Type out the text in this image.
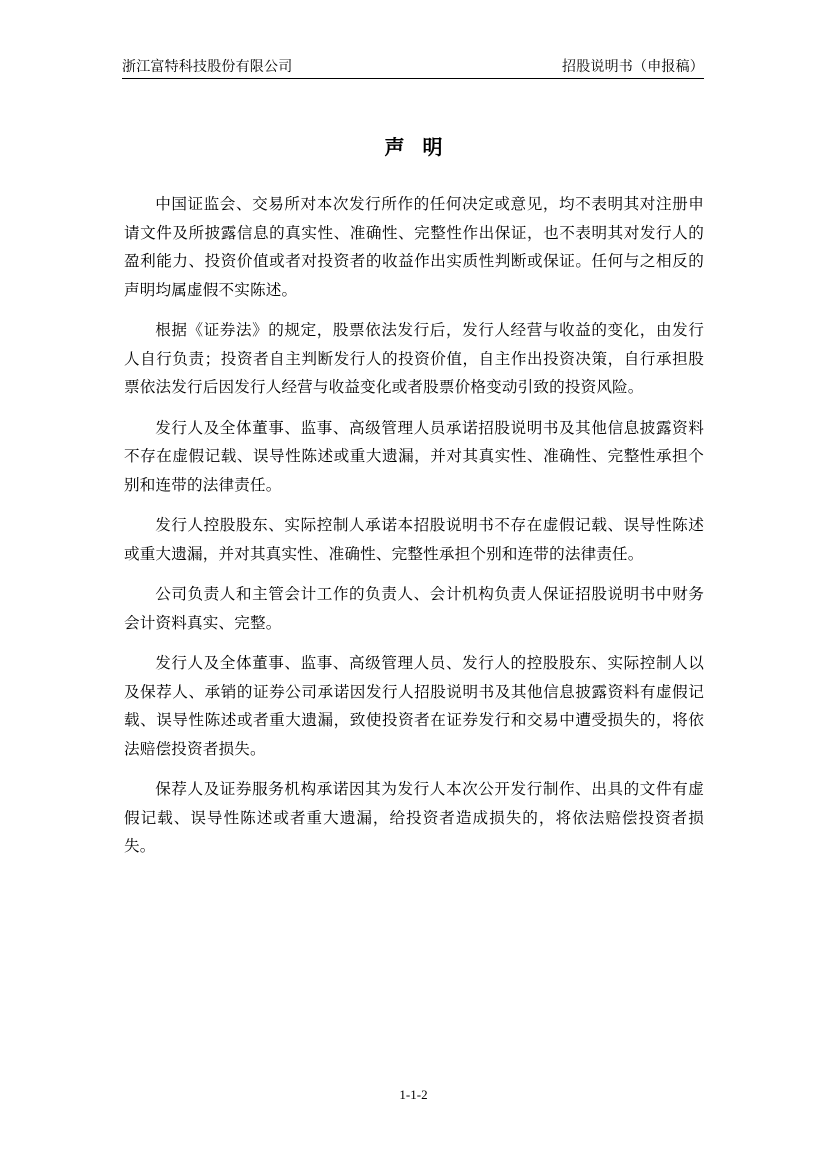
浙江富特科技股份有限公司	招股说明书（申报稿）
声明

中国证监会、交易所对本次发行所作的任何决定或意见，均不表明其对注册申请文件及所披露信息的真实性、准确性、完整性作出保证，也不表明其对发行人的盈利能力、投资价值或者对投资者的收益作出实质性判断或保证。任何与之相反的声明均属虚假不实陈述。

根据《证券法》的规定，股票依法发行后，发行人经营与收益的变化，由发行人自行负责；投资者自主判断发行人的投资价值，自主作出投资决策，自行承担股票依法发行后因发行人经营与收益变化或者股票价格变动引致的投资风险。

发行人及全体董事、监事、高级管理人员承诺招股说明书及其他信息披露资料不存在虚假记载、误导性陈述或重大遗漏，并对其真实性、准确性、完整性承担个别和连带的法律责任。

发行人控股股东、实际控制人承诺本招股说明书不存在虚假记载、误导性陈述或重大遗漏，并对其真实性、准确性、完整性承担个别和连带的法律责任。

公司负责人和主管会计工作的负责人、会计机构负责人保证招股说明书中财务会计资料真实、完整。

发行人及全体董事、监事、高级管理人员、发行人的控股股东、实际控制人以及保荐人、承销的证券公司承诺因发行人招股说明书及其他信息披露资料有虚假记载、误导性陈述或者重大遗漏，致使投资者在证券发行和交易中遭受损失的，将依法赔偿投资者损失。

保荐人及证券服务机构承诺因其为发行人本次公开发行制作、出具的文件有虚假记载、误导性陈述或者重大遗漏，给投资者造成损失的，将依法赔偿投资者损失。

1-1-2
